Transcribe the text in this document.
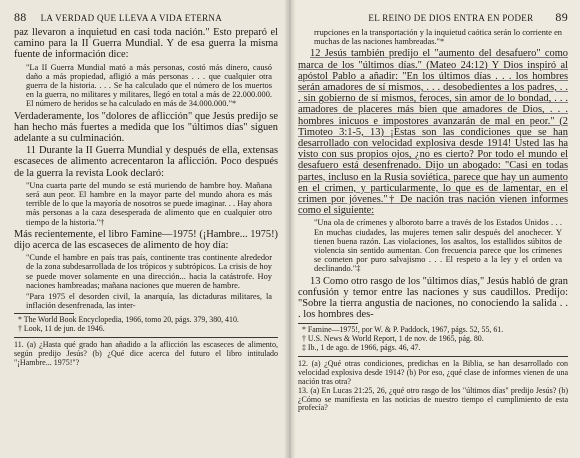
88 LA VERDAD QUE LLEVA A VIDA ETERNA

paz llevaron a inquietud en casi toda nación." Esto preparó el camino para la II Guerra Mundial. Y de esa guerra la misma fuente de información dice:

"La II Guerra Mundial mató a más personas, costó más dinero, causó daño a más propiedad, afligió a más personas . . . que cualquier otra guerra de la historia. . . . Se ha calculado que el número de los muertos en la guerra, no militares y militares, llegó en total a más de 22.000.000. El número de heridos se ha calculado en más de 34.000.000."*

Verdaderamente, los "dolores de aflicción" que Jesús predijo se han hecho más fuertes a medida que los "últimos días" siguen adelante a su culminación.

11 Durante la II Guerra Mundial y después de ella, extensas escaseces de alimento acrecentaron la aflicción. Poco después de la guerra la revista Look declaró:

"Una cuarta parte del mundo se está muriendo de hambre hoy. Mañana será aun peor. El hambre en la mayor parte del mundo ahora es más terrible de lo que la mayoría de nosotros se puede imaginar. . . Hay ahora más personas a la caza desesperada de alimento que en cualquier otro tiempo de la historia."†

Más recientemente, el libro Famine—1975! (¡Hambre... 1975!) dijo acerca de las escaseces de alimento de hoy día:

"Cunde el hambre en país tras país, continente tras continente alrededor de la zona subdesarrollada de los trópicos y subtrópicos. La crisis de hoy se puede mover solamente en una dirección... hacia la catástrofe. Hoy naciones hambreadas; mañana naciones que mueren de hambre.
"Para 1975 el desorden civil, la anarquía, las dictaduras militares, la inflación desenfrenada, las inter-
* The World Book Encyclopedia, 1966, tomo 20, págs. 379, 380, 410.
† Look, 11 de jun. de 1946.
11. (a) ¿Hasta qué grado han añadido a la aflicción las escaseces de alimento, según predijo Jesús? (b) ¿Qué dice acerca del futuro el libro intitulado "¡Hambre... 1975!"?
EL REINO DE DIOS ENTRA EN PODER 89
rrupciones en la transportación y la inquietud caótica serán lo corriente en muchas de las naciones hambreadas."*

12 Jesús también predijo el "aumento del desafuero" como marca de los "últimos días." (Mateo 24:12) Y Dios inspiró al apóstol Pablo a añadir: "En los últimos días . . . los hombres serán amadores de sí mismos, . . . desobedientes a los padres, . . . sin gobierno de sí mismos, feroces, sin amor de lo bondad, . . . amadores de placeres más bien que amadores de Dios, . . . hombres inicuos e impostores avanzarán de mal en peor." (2 Timoteo 3:1-5, 13) ¡Estas son las condiciones que se han desarrollado con velocidad explosiva desde 1914! Usted las ha visto con sus propios ojos, ¿no es cierto? Por todo el mundo el desafuero está desenfrenado. Dijo un abogado: "Casi en todas partes, incluso en la Rusia soviética, parece que hay un aumento en el crimen, y particularmente, lo que es de lamentar, en el crimen por jóvenes."† De nación tras nación vienen informes como el siguiente:

"Una ola de crímenes y alboroto barre a través de los Estados Unidos . . . En muchas ciudades, las mujeres temen salir después del anochecer. Y tienen buena razón. Las violaciones, los asaltos, los estallidos súbitos de violencia sin sentido aumentan. Con frecuencia parece que los crímenes se cometen por puro salvajismo . . . El respeto a la ley y el orden va declinando."‡

13 Como otro rasgo de los "últimos días," Jesús habló de gran confusión y temor entre las naciones y sus caudillos. Predijo: "Sobre la tierra angustia de naciones, no conociendo la salida . . . los hombres des-

* Famine—1975!, por W. & P. Paddock, 1967, págs. 52, 55, 61.
† U.S. News & World Report, 1 de nov. de 1965, pág. 80.
‡ Ib., 1 de ago. de 1966, págs. 46, 47.
12. (a) ¿Qué otras condiciones, predichas en la Biblia, se han desarrollado con velocidad explosiva desde 1914? (b) Por eso, ¿qué clase de informes vienen de una nación tras otra?
13. (a) En Lucas 21:25, 26, ¿qué otro rasgo de los "últimos días" predijo Jesús? (b) ¿Cómo se manifiesta en las noticias de nuestro tiempo el cumplimiento de esta profecía?
